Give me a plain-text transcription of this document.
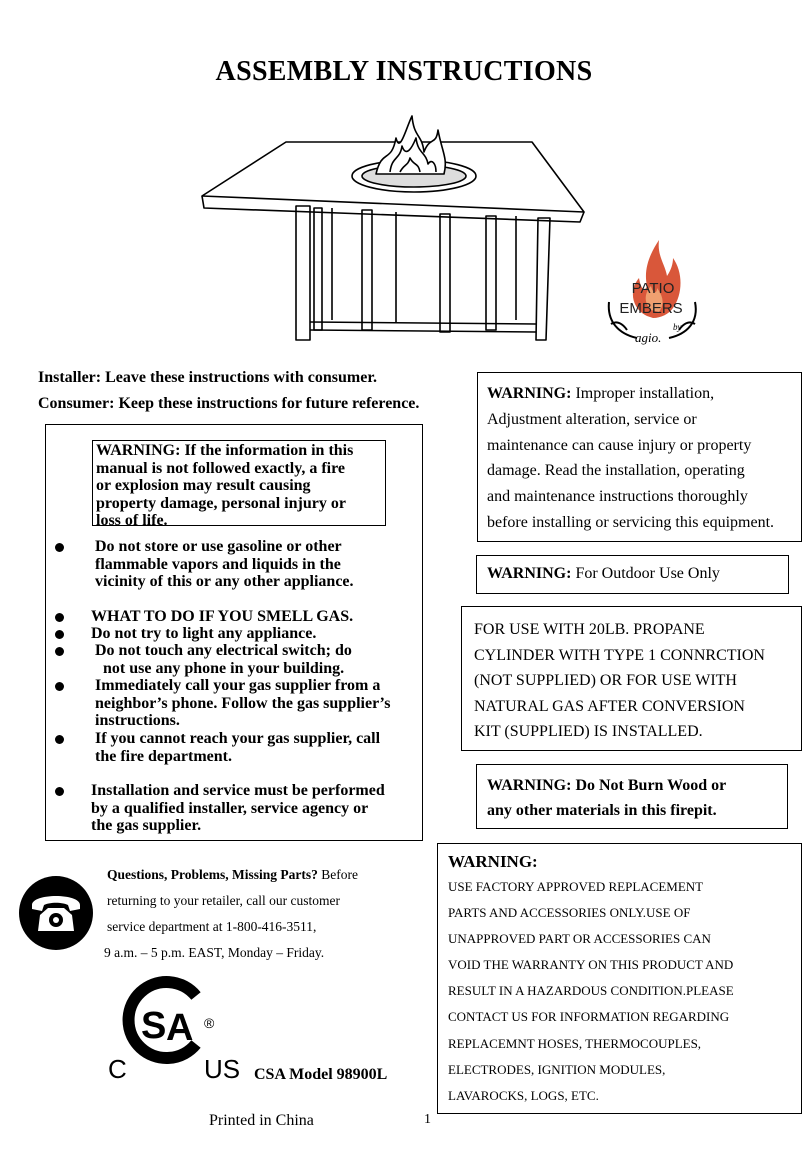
ASSEMBLY INSTRUCTIONS
PATIO
EMBERS
by
agio.
Installer: Leave these instructions with consumer.
Consumer: Keep these instructions for future reference.
WARNING: If the information in this
manual is not followed exactly, a fire
or explosion may result causing
property damage, personal injury or
loss of life.
Do not store or use gasoline or other
flammable vapors and liquids in the
vicinity of this or any other appliance.
WHAT TO DO IF YOU SMELL GAS.
Do not try to light any appliance.
Do not touch any electrical switch; do
not use any phone in your building.
Immediately call your gas supplier from a
neighbor’s phone. Follow the gas supplier’s
instructions.
If you cannot reach your gas supplier, call
the fire department.
Installation and service must be performed
by a qualified installer, service agency or
the gas supplier.
WARNING: Improper installation,
Adjustment alteration, service or
maintenance can cause injury or property
damage. Read the installation, operating
and maintenance instructions thoroughly
before installing or servicing this equipment.
WARNING: For Outdoor Use Only
FOR USE WITH 20LB. PROPANE
CYLINDER WITH TYPE 1 CONNRCTION
(NOT SUPPLIED) OR FOR USE WITH
NATURAL GAS AFTER CONVERSION
KIT (SUPPLIED) IS INSTALLED.
WARNING: Do Not Burn Wood or
any other materials in this firepit.
WARNING:
USE FACTORY APPROVED REPLACEMENT
PARTS AND ACCESSORIES ONLY.USE OF
UNAPPROVED PART OR ACCESSORIES CAN
VOID THE WARRANTY ON THIS PRODUCT AND
RESULT IN A HAZARDOUS CONDITION.PLEASE
CONTACT US FOR INFORMATION REGARDING
REPLACEMNT HOSES, THERMOCOUPLES,
ELECTRODES, IGNITION MODULES,
LAVAROCKS, LOGS, ETC.
Questions, Problems, Missing Parts? Before
returning to your retailer, call our customer
service department at 1-800-416-3511,
9 a.m. – 5 p.m. EAST, Monday – Friday.
S A ®
C	US CSA Model 98900L
Printed in China	1
